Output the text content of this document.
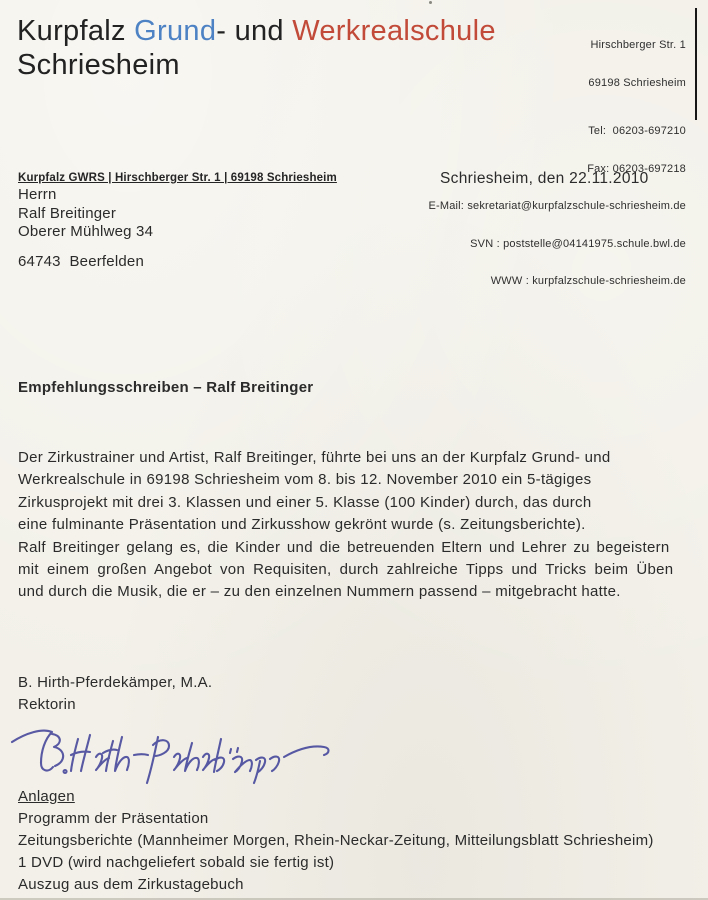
Kurpfalz Grund- und Werkrealschule
Schriesheim

Hirschberger Str. 1

69198 Schriesheim

Tel:  06203-697210

Fax: 06203-697218

E-Mail: sekretariat@kurpfalzschule-schriesheim.de

SVN : poststelle@04141975.schule.bwl.de

WWW : kurpfalzschule-schriesheim.de

Kurpfalz GWRS | Hirschberger Str. 1 | 69198 Schriesheim
Herrn
Ralf Breitinger
Oberer Mühlweg 34
64743  Beerfelden
Schriesheim, den 22.11.2010
Empfehlungsschreiben – Ralf Breitinger
Der Zirkustrainer und Artist, Ralf Breitinger, führte bei uns an der Kurpfalz Grund- und
Werkrealschule in 69198 Schriesheim vom 8. bis 12. November 2010 ein 5-tägiges
Zirkusprojekt mit drei 3. Klassen und einer 5. Klasse (100 Kinder) durch, das durch
eine fulminante Präsentation und Zirkusshow gekrönt wurde (s. Zeitungsberichte).
Ralf Breitinger gelang es, die Kinder und die betreuenden Eltern und Lehrer zu begeistern
mit einem großen Angebot von Requisiten, durch zahlreiche Tipps und Tricks beim Üben
und durch die Musik, die er – zu den einzelnen Nummern passend – mitgebracht hatte.
B. Hirth-Pferdekämper, M.A.
Rektorin
Anlagen
Programm der Präsentation
Zeitungsberichte (Mannheimer Morgen, Rhein-Neckar-Zeitung, Mitteilungsblatt Schriesheim)
1 DVD (wird nachgeliefert sobald sie fertig ist)
Auszug aus dem Zirkustagebuch
